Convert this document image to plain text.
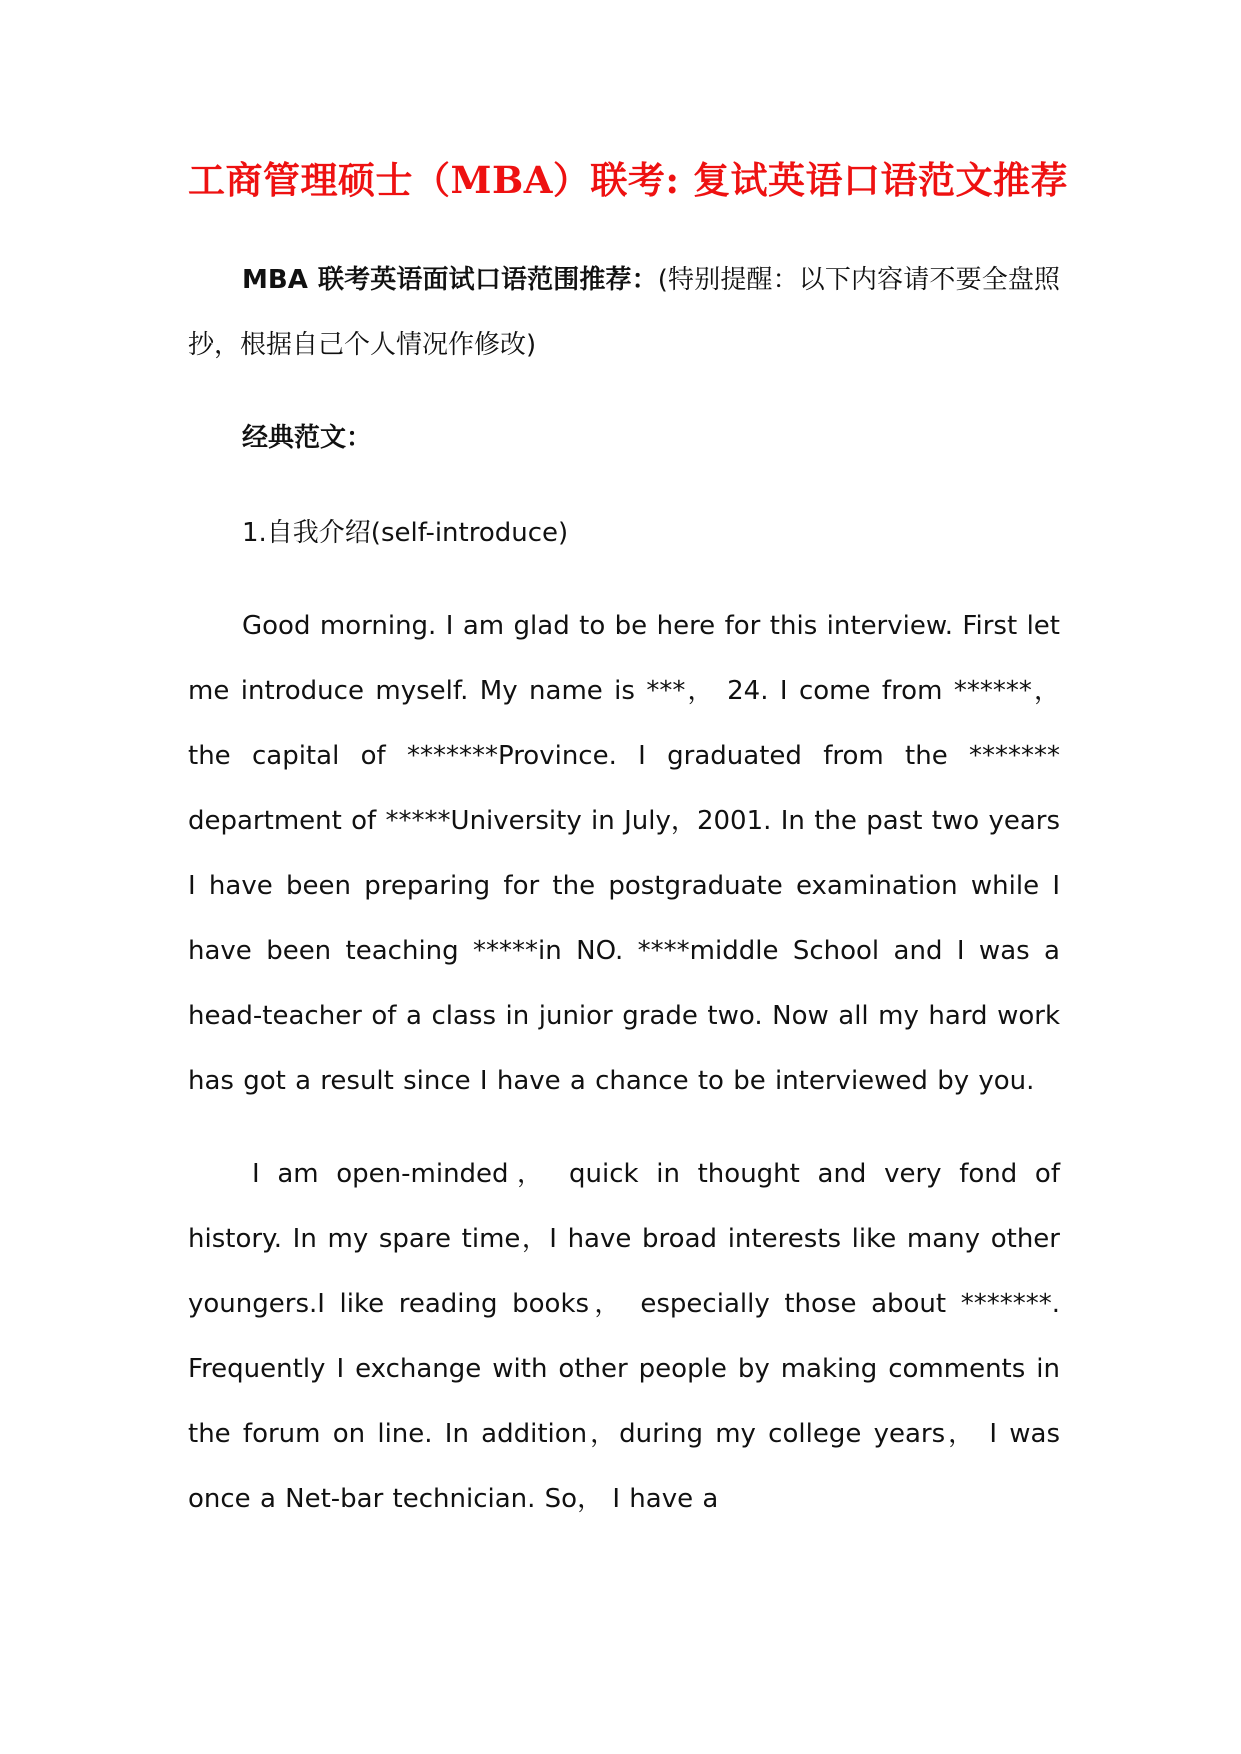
工商管理硕士（MBA）联考: 复试英语口语范文推荐

MBA 联考英语面试口语范围推荐：(特别提醒：以下内容请不要全盘照抄，根据自己个人情况作修改)

经典范文：

1.自我介绍(self-introduce)

Good morning. I am glad to be here for this interview. First let me introduce myself. My name is ***， 24. I come from ******，the capital of *******Province. I graduated from the ******* department of *****University in July，2001. In the past two years I have been preparing for the postgraduate examination while I have been teaching *****in NO. ****middle School and I was a head-teacher of a class in junior grade two. Now all my hard work has got a result since I have a chance to be interviewed by you.

I am open-minded， quick in thought and very fond of history. In my spare time，I have broad interests like many other youngers.I like reading books， especially those about *******. Frequently I exchange with other people by making comments in the forum on line. In addition，during my college years， I was once a Net-bar technician. So， I have a
